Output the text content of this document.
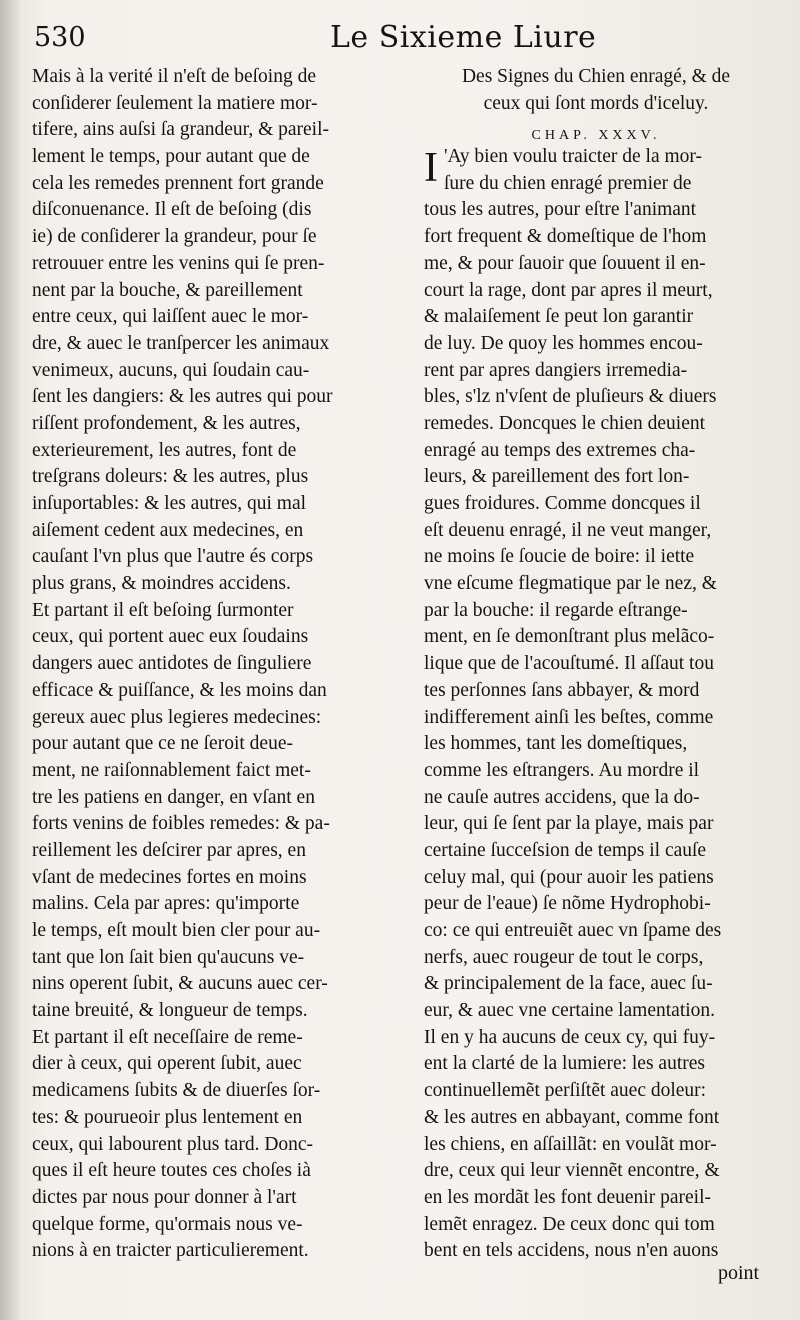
530	Le Sixieme Liure
Mais à la verité il n'eſt de beſoing de
conſiderer ſeulement la matiere mor-
tifere, ains auſsi ſa grandeur, & pareil-
lement le temps, pour autant que de
cela les remedes prennent fort grande
diſconuenance. Il eſt de beſoing (dis
ie) de conſiderer la grandeur, pour ſe
retrouuer entre les venins qui ſe pren-
nent par la bouche, & pareillement
entre ceux, qui laiſſent auec le mor-
dre, & auec le tranſpercer les animaux
venimeux, aucuns, qui ſoudain cau-
ſent les dangiers: & les autres qui pour
riſſent profondement, & les autres,
exterieurement, les autres, font de
treſgrans doleurs: & les autres, plus
inſuportables: & les autres, qui mal
aiſement cedent aux medecines, en
cauſant l'vn plus que l'autre és corps
plus grans, & moindres accidens.
Et partant il eſt beſoing ſurmonter
ceux, qui portent auec eux ſoudains
dangers auec antidotes de ſinguliere
efficace & puiſſance, & les moins dan
gereux auec plus legieres medecines:
pour autant que ce ne ſeroit deue-
ment, ne raiſonnablement faict met-
tre les patiens en danger, en vſant en
forts venins de foibles remedes: & pa-
reillement les deſcirer par apres, en
vſant de medecines fortes en moins
malins. Cela par apres: qu'importe
le temps, eſt moult bien cler pour au-
tant que lon ſait bien qu'aucuns ve-
nins operent ſubit, & aucuns auec cer-
taine breuité, & longueur de temps.
Et partant il eſt neceſſaire de reme-
dier à ceux, qui operent ſubit, auec
medicamens ſubits & de diuerſes ſor-
tes: & pourueoir plus lentement en
ceux, qui labourent plus tard. Donc-
ques il eſt heure toutes ces choſes ià
dictes par nous pour donner à l'art
quelque forme, qu'ormais nous ve-
nions à en traicter particulierement.
Des Signes du Chien enragé, & de
ceux qui ſont mords d'iceluy.
CHAP. XXXV.
I 'Ay bien voulu traicter de la mor-
ſure du chien enragé premier de
tous les autres, pour eſtre l'animant
fort frequent & domeſtique de l'hom
me, & pour ſauoir que ſouuent il en-
court la rage, dont par apres il meurt,
& malaiſement ſe peut lon garantir
de luy. De quoy les hommes encou-
rent par apres dangiers irremedia-
bles, s'lz n'vſent de pluſieurs & diuers
remedes. Doncques le chien deuient
enragé au temps des extremes cha-
leurs, & pareillement des fort lon-
gues froidures. Comme doncques il
eſt deuenu enragé, il ne veut manger,
ne moins ſe ſoucie de boire: il iette
vne eſcume flegmatique par le nez, &
par la bouche: il regarde eſtrange-
ment, en ſe demonſtrant plus melãco-
lique que de l'acouſtumé. Il aſſaut tou
tes perſonnes ſans abbayer, & mord
indifferement ainſi les beſtes, comme
les hommes, tant les domeſtiques,
comme les eſtrangers. Au mordre il
ne cauſe autres accidens, que la do-
leur, qui ſe ſent par la playe, mais par
certaine ſucceſsion de temps il cauſe
celuy mal, qui (pour auoir les patiens
peur de l'eaue) ſe nõme Hydrophobi-
co: ce qui entreuiẽt auec vn ſpame des
nerfs, auec rougeur de tout le corps,
& principalement de la face, auec ſu-
eur, & auec vne certaine lamentation.
Il en y ha aucuns de ceux cy, qui fuy-
ent la clarté de la lumiere: les autres
continuellemẽt perſiſtẽt auec doleur:
& les autres en abbayant, comme font
les chiens, en aſſaillãt: en voulãt mor-
dre, ceux qui leur viennẽt encontre, &
en les mordãt les font deuenir pareil-
lemẽt enragez. De ceux donc qui tom
bent en tels accidens, nous n'en auons
point
